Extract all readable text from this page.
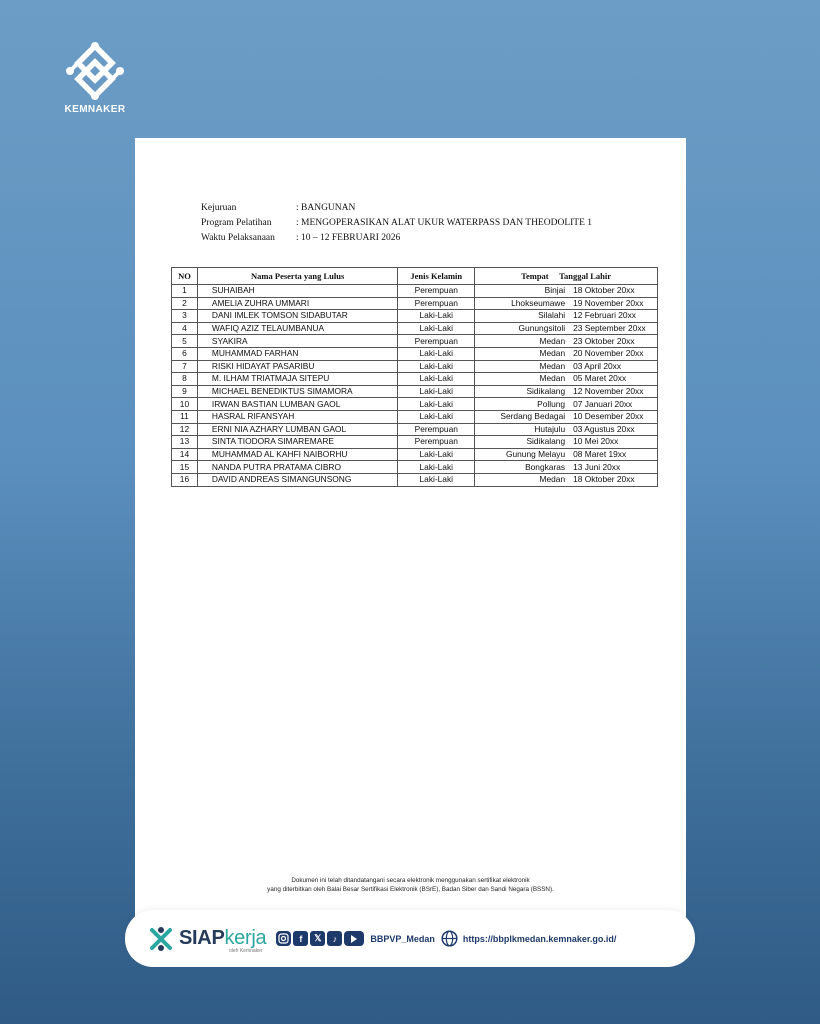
KEMNAKER
Kejuruan	: BANGUNAN
Program Pelatihan	: MENGOPERASIKAN ALAT UKUR WATERPASS DAN THEODOLITE 1
Waktu Pelaksanaan	: 10 – 12 FEBRUARI 2026
NO	Nama Peserta yang Lulus	Jenis Kelamin	Tempat Tanggal Lahir
1	SUHAIBAH	Perempuan	Binjai 18 Oktober 20xx

2	AMELIA ZUHRA UMMARI	Perempuan	Lhokseumawe 19 November 20xx

3	DANI IMLEK TOMSON SIDABUTAR	Laki-Laki	Silalahi 12 Februari 20xx

4	WAFIQ AZIZ TELAUMBANUA	Laki-Laki	Gunungsitoli 23 September 20xx

5	SYAKIRA	Perempuan	Medan 23 Oktober 20xx

6	MUHAMMAD FARHAN	Laki-Laki	Medan 20 November 20xx

7	RISKI HIDAYAT PASARIBU	Laki-Laki	Medan 03 April 20xx

8	M. ILHAM TRIATMAJA SITEPU	Laki-Laki	Medan 05 Maret 20xx

9	MICHAEL BENEDIKTUS SIMAMORA	Laki-Laki	Sidikalang 12 November 20xx

10	IRWAN BASTIAN LUMBAN GAOL	Laki-Laki	Pollung 07 Januari 20xx

11	HASRAL RIFANSYAH	Laki-Laki	Serdang Bedagai 10 Desember 20xx

12	ERNI NIA AZHARY LUMBAN GAOL	Perempuan	Hutajulu 03 Agustus 20xx

13	SINTA TIODORA SIMAREMARE	Perempuan	Sidikalang 10 Mei 20xx

14	MUHAMMAD AL KAHFI NAIBORHU	Laki-Laki	Gunung Melayu 08 Maret 19xx

15	NANDA PUTRA PRATAMA CIBRO	Laki-Laki	Bongkaras 13 Juni 20xx

16	DAVID ANDREAS SIMANGUNSONG	Laki-Laki	Medan 18 Oktober 20xx
Dokumen ini telah ditandatangani secara elektronik menggunakan sertifikat elektronik
yang diterbitkan oleh Balai Besar Sertifikasi Elektronik (BSrE), Badan Siber dan Sandi Negara (BSSN).
SIAPkerja
oleh Kemnaker
f	𝕏	♪	BBPVP_Medan	https://bbplkmedan.kemnaker.go.id/
